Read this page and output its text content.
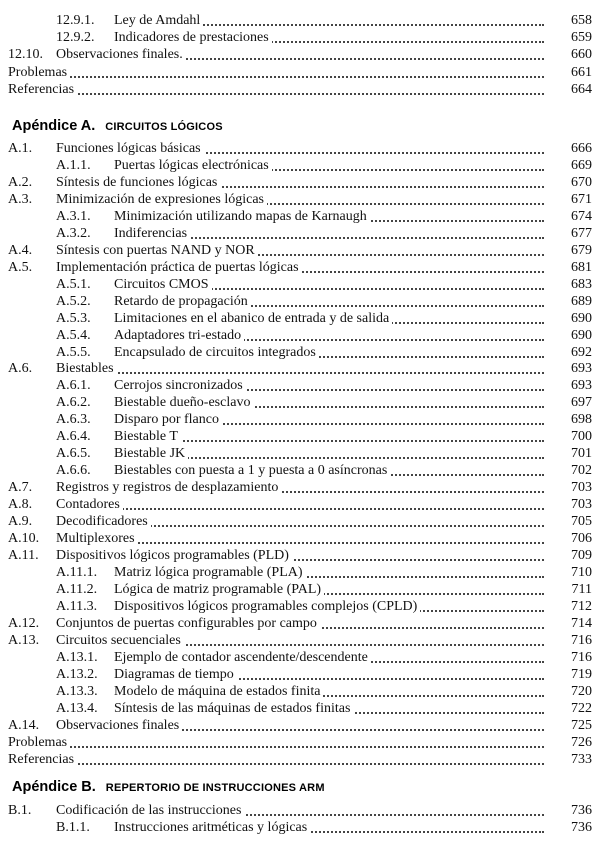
12.9.1. Ley de Amdahl	658
12.9.2. Indicadores de prestaciones	659
12.10. Observaciones finales.	660
Problemas	661
Referencias	664
Apéndice A. CIRCUITOS LÓGICOS
A.1. Funciones lógicas básicas	666
A.1.1. Puertas lógicas electrónicas	669
A.2. Síntesis de funciones lógicas	670
A.3. Minimización de expresiones lógicas	671
A.3.1. Minimización utilizando mapas de Karnaugh	674
A.3.2. Indiferencias	677
A.4. Síntesis con puertas NAND y NOR	679
A.5. Implementación práctica de puertas lógicas	681
A.5.1. Circuitos CMOS	683
A.5.2. Retardo de propagación	689
A.5.3. Limitaciones en el abanico de entrada y de salida	690
A.5.4. Adaptadores tri-estado	690
A.5.5. Encapsulado de circuitos integrados	692
A.6. Biestables	693
A.6.1. Cerrojos sincronizados	693
A.6.2. Biestable dueño-esclavo	697
A.6.3. Disparo por flanco	698
A.6.4. Biestable T	700
A.6.5. Biestable JK	701
A.6.6. Biestables con puesta a 1 y puesta a 0 asíncronas	702
A.7. Registros y registros de desplazamiento	703
A.8. Contadores	703
A.9. Decodificadores	705
A.10. Multiplexores	706
A.11. Dispositivos lógicos programables (PLD)	709
A.11.1. Matriz lógica programable (PLA)	710
A.11.2. Lógica de matriz programable (PAL)	711
A.11.3. Dispositivos lógicos programables complejos (CPLD)	712
A.12. Conjuntos de puertas configurables por campo	714
A.13. Circuitos secuenciales	716
A.13.1. Ejemplo de contador ascendente/descendente	716
A.13.2. Diagramas de tiempo	719
A.13.3. Modelo de máquina de estados finita	720
A.13.4. Síntesis de las máquinas de estados finitas	722
A.14. Observaciones finales	725
Problemas	726
Referencias	733
Apéndice B. REPERTORIO DE INSTRUCCIONES ARM
B.1. Codificación de las instrucciones	736
B.1.1. Instrucciones aritméticas y lógicas	736
